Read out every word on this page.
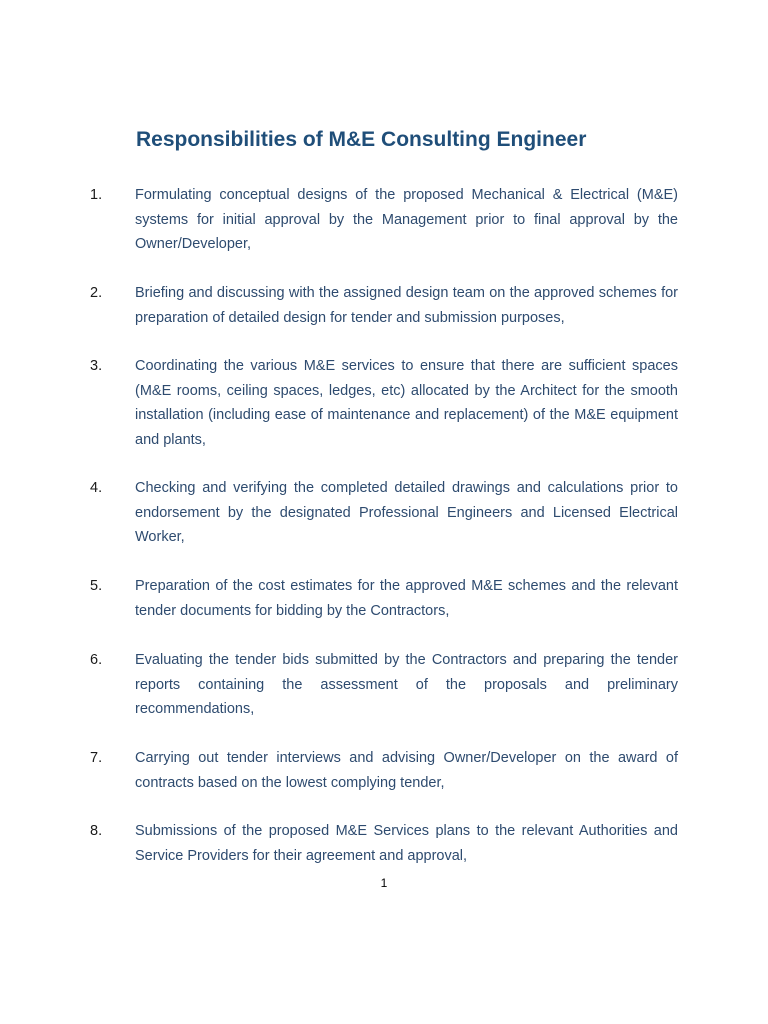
Responsibilities of M&E Consulting Engineer
1. Formulating conceptual designs of the proposed Mechanical & Electrical (M&E) systems for initial approval by the Management prior to final approval by the Owner/Developer,

2. Briefing and discussing with the assigned design team on the approved schemes for preparation of detailed design for tender and submission purposes,

3. Coordinating the various M&E services to ensure that there are sufficient spaces (M&E rooms, ceiling spaces, ledges, etc) allocated by the Architect for the smooth installation (including ease of maintenance and replacement) of the M&E equipment and plants,

4. Checking and verifying the completed detailed drawings and calculations prior to endorsement by the designated Professional Engineers and Licensed Electrical Worker,

5. Preparation of the cost estimates for the approved M&E schemes and the relevant tender documents for bidding by the Contractors,

6. Evaluating the tender bids submitted by the Contractors and preparing the tender reports containing the assessment of the proposals and preliminary recommendations,

7. Carrying out tender interviews and advising Owner/Developer on the award of contracts based on the lowest complying tender,

8. Submissions of the proposed M&E Services plans to the relevant Authorities and Service Providers for their agreement and approval,

1
